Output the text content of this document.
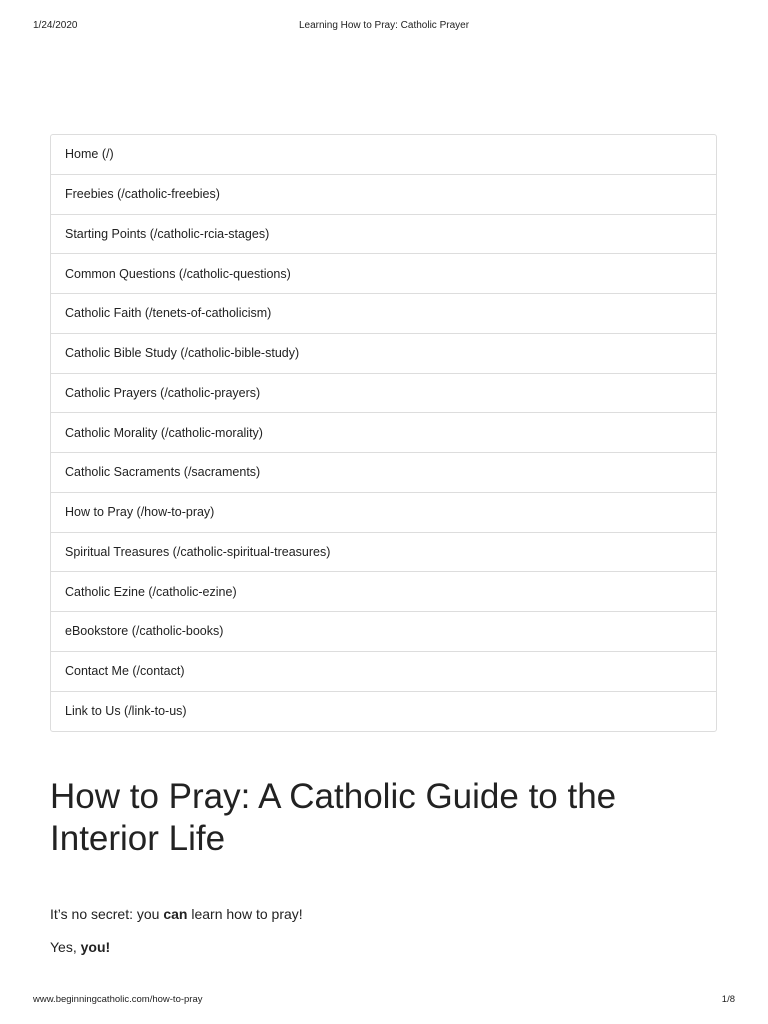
1/24/2020	Learning How to Pray: Catholic Prayer
Home (/)
Freebies (/catholic-freebies)
Starting Points (/catholic-rcia-stages)
Common Questions (/catholic-questions)
Catholic Faith (/tenets-of-catholicism)
Catholic Bible Study (/catholic-bible-study)
Catholic Prayers (/catholic-prayers)
Catholic Morality (/catholic-morality)
Catholic Sacraments (/sacraments)
How to Pray (/how-to-pray)
Spiritual Treasures (/catholic-spiritual-treasures)
Catholic Ezine (/catholic-ezine)
eBookstore (/catholic-books)
Contact Me (/contact)
Link to Us (/link-to-us)
How to Pray: A Catholic Guide to the Interior Life

It’s no secret: you can learn how to pray!

Yes, you!

www.beginningcatholic.com/how-to-pray	1/8
